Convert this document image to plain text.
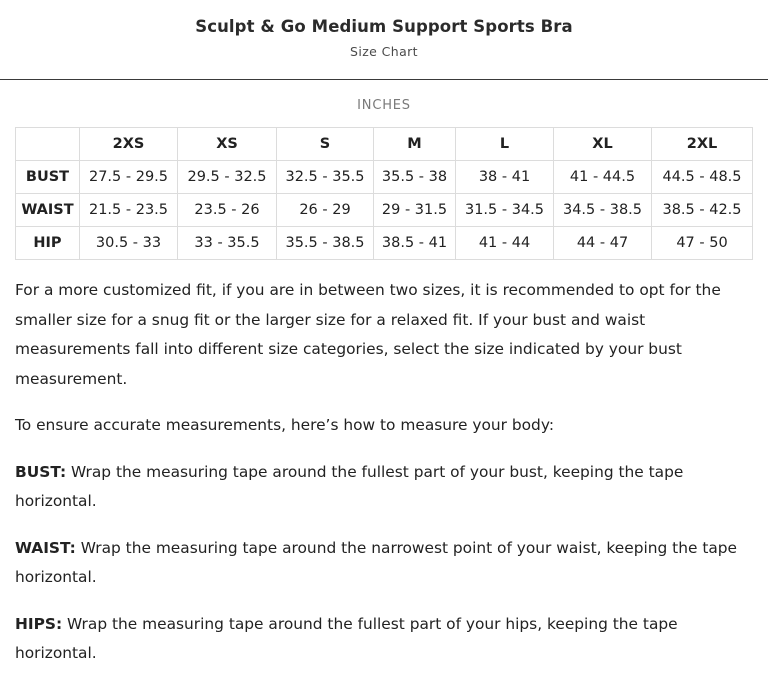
Sculpt & Go Medium Support Sports Bra
Size Chart
INCHES
	2XS	XS	S	M	L	XL	2XL
BUST	27.5 - 29.5	29.5 - 32.5	32.5 - 35.5	35.5 - 38	38 - 41	41 - 44.5	44.5 - 48.5
WAIST	21.5 - 23.5	23.5 - 26	26 - 29	29 - 31.5	31.5 - 34.5	34.5 - 38.5	38.5 - 42.5
HIP	30.5 - 33	33 - 35.5	35.5 - 38.5	38.5 - 41	41 - 44	44 - 47	47 - 50

For a more customized fit, if you are in between two sizes, it is recommended to opt for the smaller size for a snug fit or the larger size for a relaxed fit. If your bust and waist measurements fall into different size categories, select the size indicated by your bust measurement.

To ensure accurate measurements, here’s how to measure your body:

BUST: Wrap the measuring tape around the fullest part of your bust, keeping the tape horizontal.

WAIST: Wrap the measuring tape around the narrowest point of your waist, keeping the tape horizontal.

HIPS: Wrap the measuring tape around the fullest part of your hips, keeping the tape horizontal.
